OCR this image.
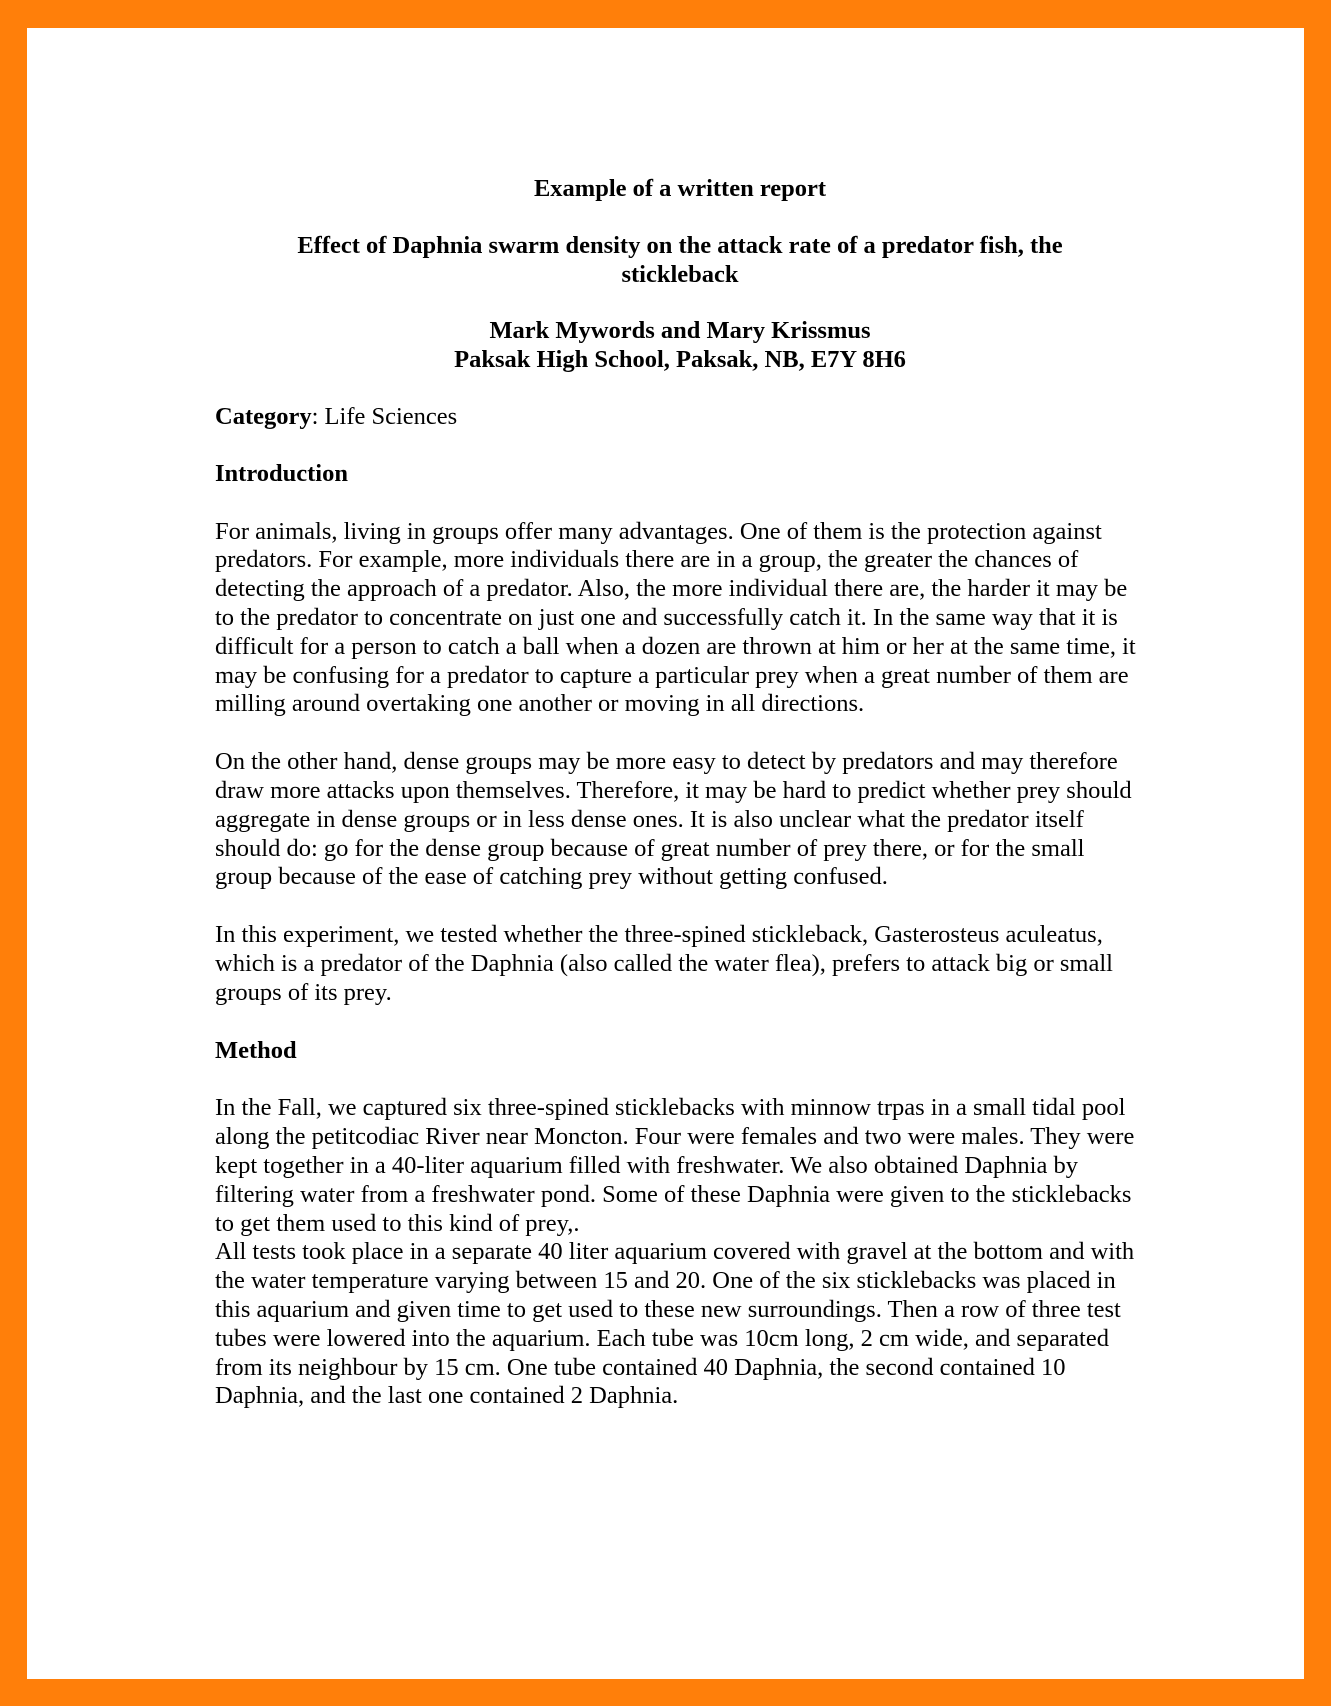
Example of a written report

Effect of Daphnia swarm density on the attack rate of a predator fish, the stickleback

Mark Mywords and Mary Krissmus

Paksak High School, Paksak, NB, E7Y 8H6

Category: Life Sciences

Introduction

For animals, living in groups offer many advantages. One of them is the protection against predators. For example, more individuals there are in a group, the greater the chances of detecting the approach of a predator. Also, the more individual there are, the harder it may be to the predator to concentrate on just one and successfully catch it. In the same way that it is difficult for a person to catch a ball when a dozen are thrown at him or her at the same time, it may be confusing for a predator to capture a particular prey when a great number of them are milling around overtaking one another or moving in all directions.

On the other hand, dense groups may be more easy to detect by predators and may therefore draw more attacks upon themselves. Therefore, it may be hard to predict whether prey should aggregate in dense groups or in less dense ones. It is also unclear what the predator itself should do: go for the dense group because of great number of prey there, or for the small group because of the ease of catching prey without getting confused.

In this experiment, we tested whether the three-spined stickleback, Gasterosteus aculeatus, which is a predator of the Daphnia (also called the water flea), prefers to attack big or small groups of its prey.

Method

In the Fall, we captured six three-spined sticklebacks with minnow trpas in a small tidal pool along the petitcodiac River near Moncton. Four were females and two were males. They were kept together in a 40-liter aquarium filled with freshwater. We also obtained Daphnia by filtering water from a freshwater pond. Some of these Daphnia were given to the sticklebacks to get them used to this kind of prey,.

All tests took place in a separate 40 liter aquarium covered with gravel at the bottom and with the water temperature varying between 15 and 20. One of the six sticklebacks was placed in this aquarium and given time to get used to these new surroundings. Then a row of three test tubes were lowered into the aquarium. Each tube was 10cm long, 2 cm wide, and separated from its neighbour by 15 cm. One tube contained 40 Daphnia, the second contained 10 Daphnia, and the last one contained 2 Daphnia.
